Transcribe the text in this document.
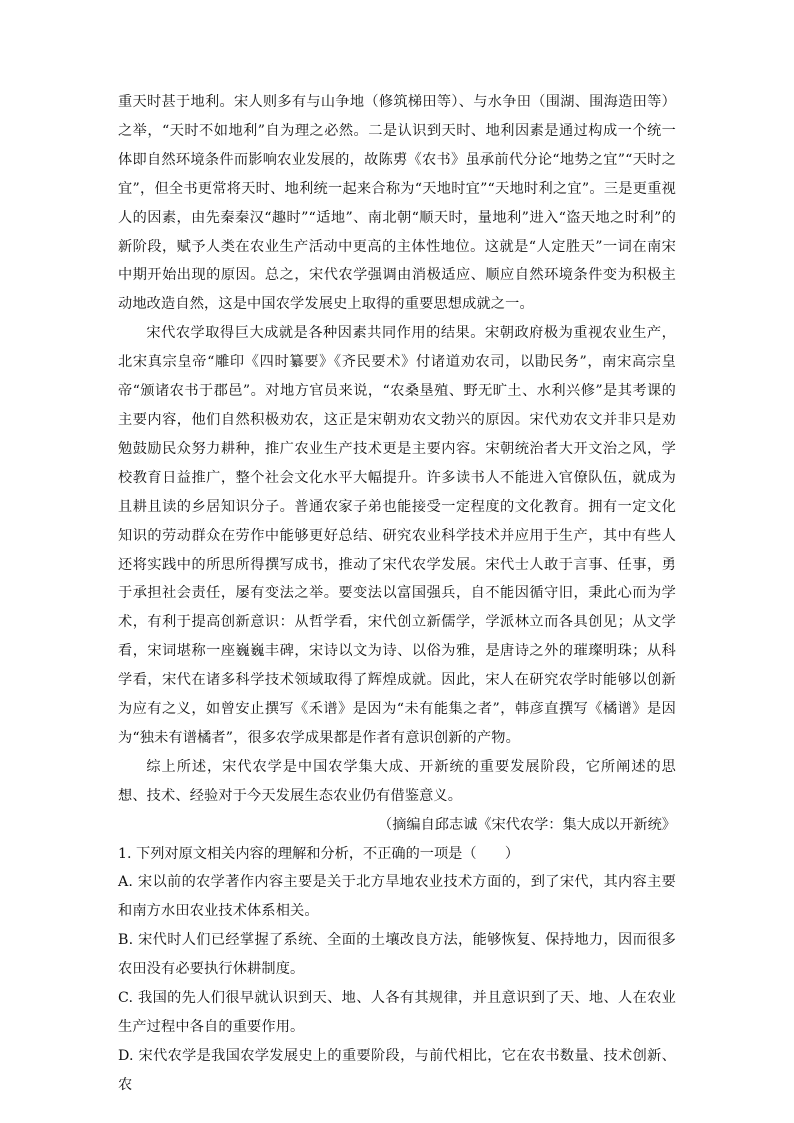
重天时甚于地利。宋人则多有与山争地（修筑梯田等）、与水争田（围湖、围海造田等）之举，“天时不如地利”自为理之必然。二是认识到天时、地利因素是通过构成一个统一体即自然环境条件而影响农业发展的，故陈旉《农书》虽承前代分论“地势之宜”“天时之宜”，但全书更常将天时、地利统一起来合称为“天地时宜”“天地时利之宜”。三是更重视人的因素，由先秦秦汉“趣时”“适地”、南北朝“顺天时，量地利”进入“盗天地之时利”的新阶段，赋予人类在农业生产活动中更高的主体性地位。这就是“人定胜天”一词在南宋中期开始出现的原因。总之，宋代农学强调由消极适应、顺应自然环境条件变为积极主动地改造自然，这是中国农学发展史上取得的重要思想成就之一。

宋代农学取得巨大成就是各种因素共同作用的结果。宋朝政府极为重视农业生产，北宋真宗皇帝“雕印《四时纂要》《齐民要术》付诸道劝农司，以勖民务”，南宋高宗皇帝“颁诸农书于郡邑”。对地方官员来说，“农桑垦殖、野无旷土、水利兴修”是其考课的主要内容，他们自然积极劝农，这正是宋朝劝农文勃兴的原因。宋代劝农文并非只是劝勉鼓励民众努力耕种，推广农业生产技术更是主要内容。宋朝统治者大开文治之风，学校教育日益推广，整个社会文化水平大幅提升。许多读书人不能进入官僚队伍，就成为且耕且读的乡居知识分子。普通农家子弟也能接受一定程度的文化教育。拥有一定文化知识的劳动群众在劳作中能够更好总结、研究农业科学技术并应用于生产，其中有些人还将实践中的所思所得撰写成书，推动了宋代农学发展。宋代士人敢于言事、任事，勇于承担社会责任，屡有变法之举。要变法以富国强兵，自不能因循守旧，秉此心而为学术，有利于提高创新意识：从哲学看，宋代创立新儒学，学派林立而各具创见；从文学看，宋词堪称一座巍巍丰碑，宋诗以文为诗、以俗为雅，是唐诗之外的璀璨明珠；从科学看，宋代在诸多科学技术领域取得了辉煌成就。因此，宋人在研究农学时能够以创新为应有之义，如曾安止撰写《禾谱》是因为“未有能集之者”，韩彦直撰写《橘谱》是因为“独未有谱橘者”，很多农学成果都是作者有意识创新的产物。

综上所述，宋代农学是中国农学集大成、开新统的重要发展阶段，它所阐述的思想、技术、经验对于今天发展生态农业仍有借鉴意义。

（摘编自邱志诚《宋代农学：集大成以开新统》

1. 下列对原文相关内容的理解和分析，不正确的一项是（　　）

A. 宋以前的农学著作内容主要是关于北方旱地农业技术方面的，到了宋代，其内容主要和南方水田农业技术体系相关。

B. 宋代时人们已经掌握了系统、全面的土壤改良方法，能够恢复、保持地力，因而很多农田没有必要执行休耕制度。

C. 我国的先人们很早就认识到天、地、人各有其规律，并且意识到了天、地、人在农业生产过程中各自的重要作用。

D. 宋代农学是我国农学发展史上的重要阶段，与前代相比，它在农书数量、技术创新、农
